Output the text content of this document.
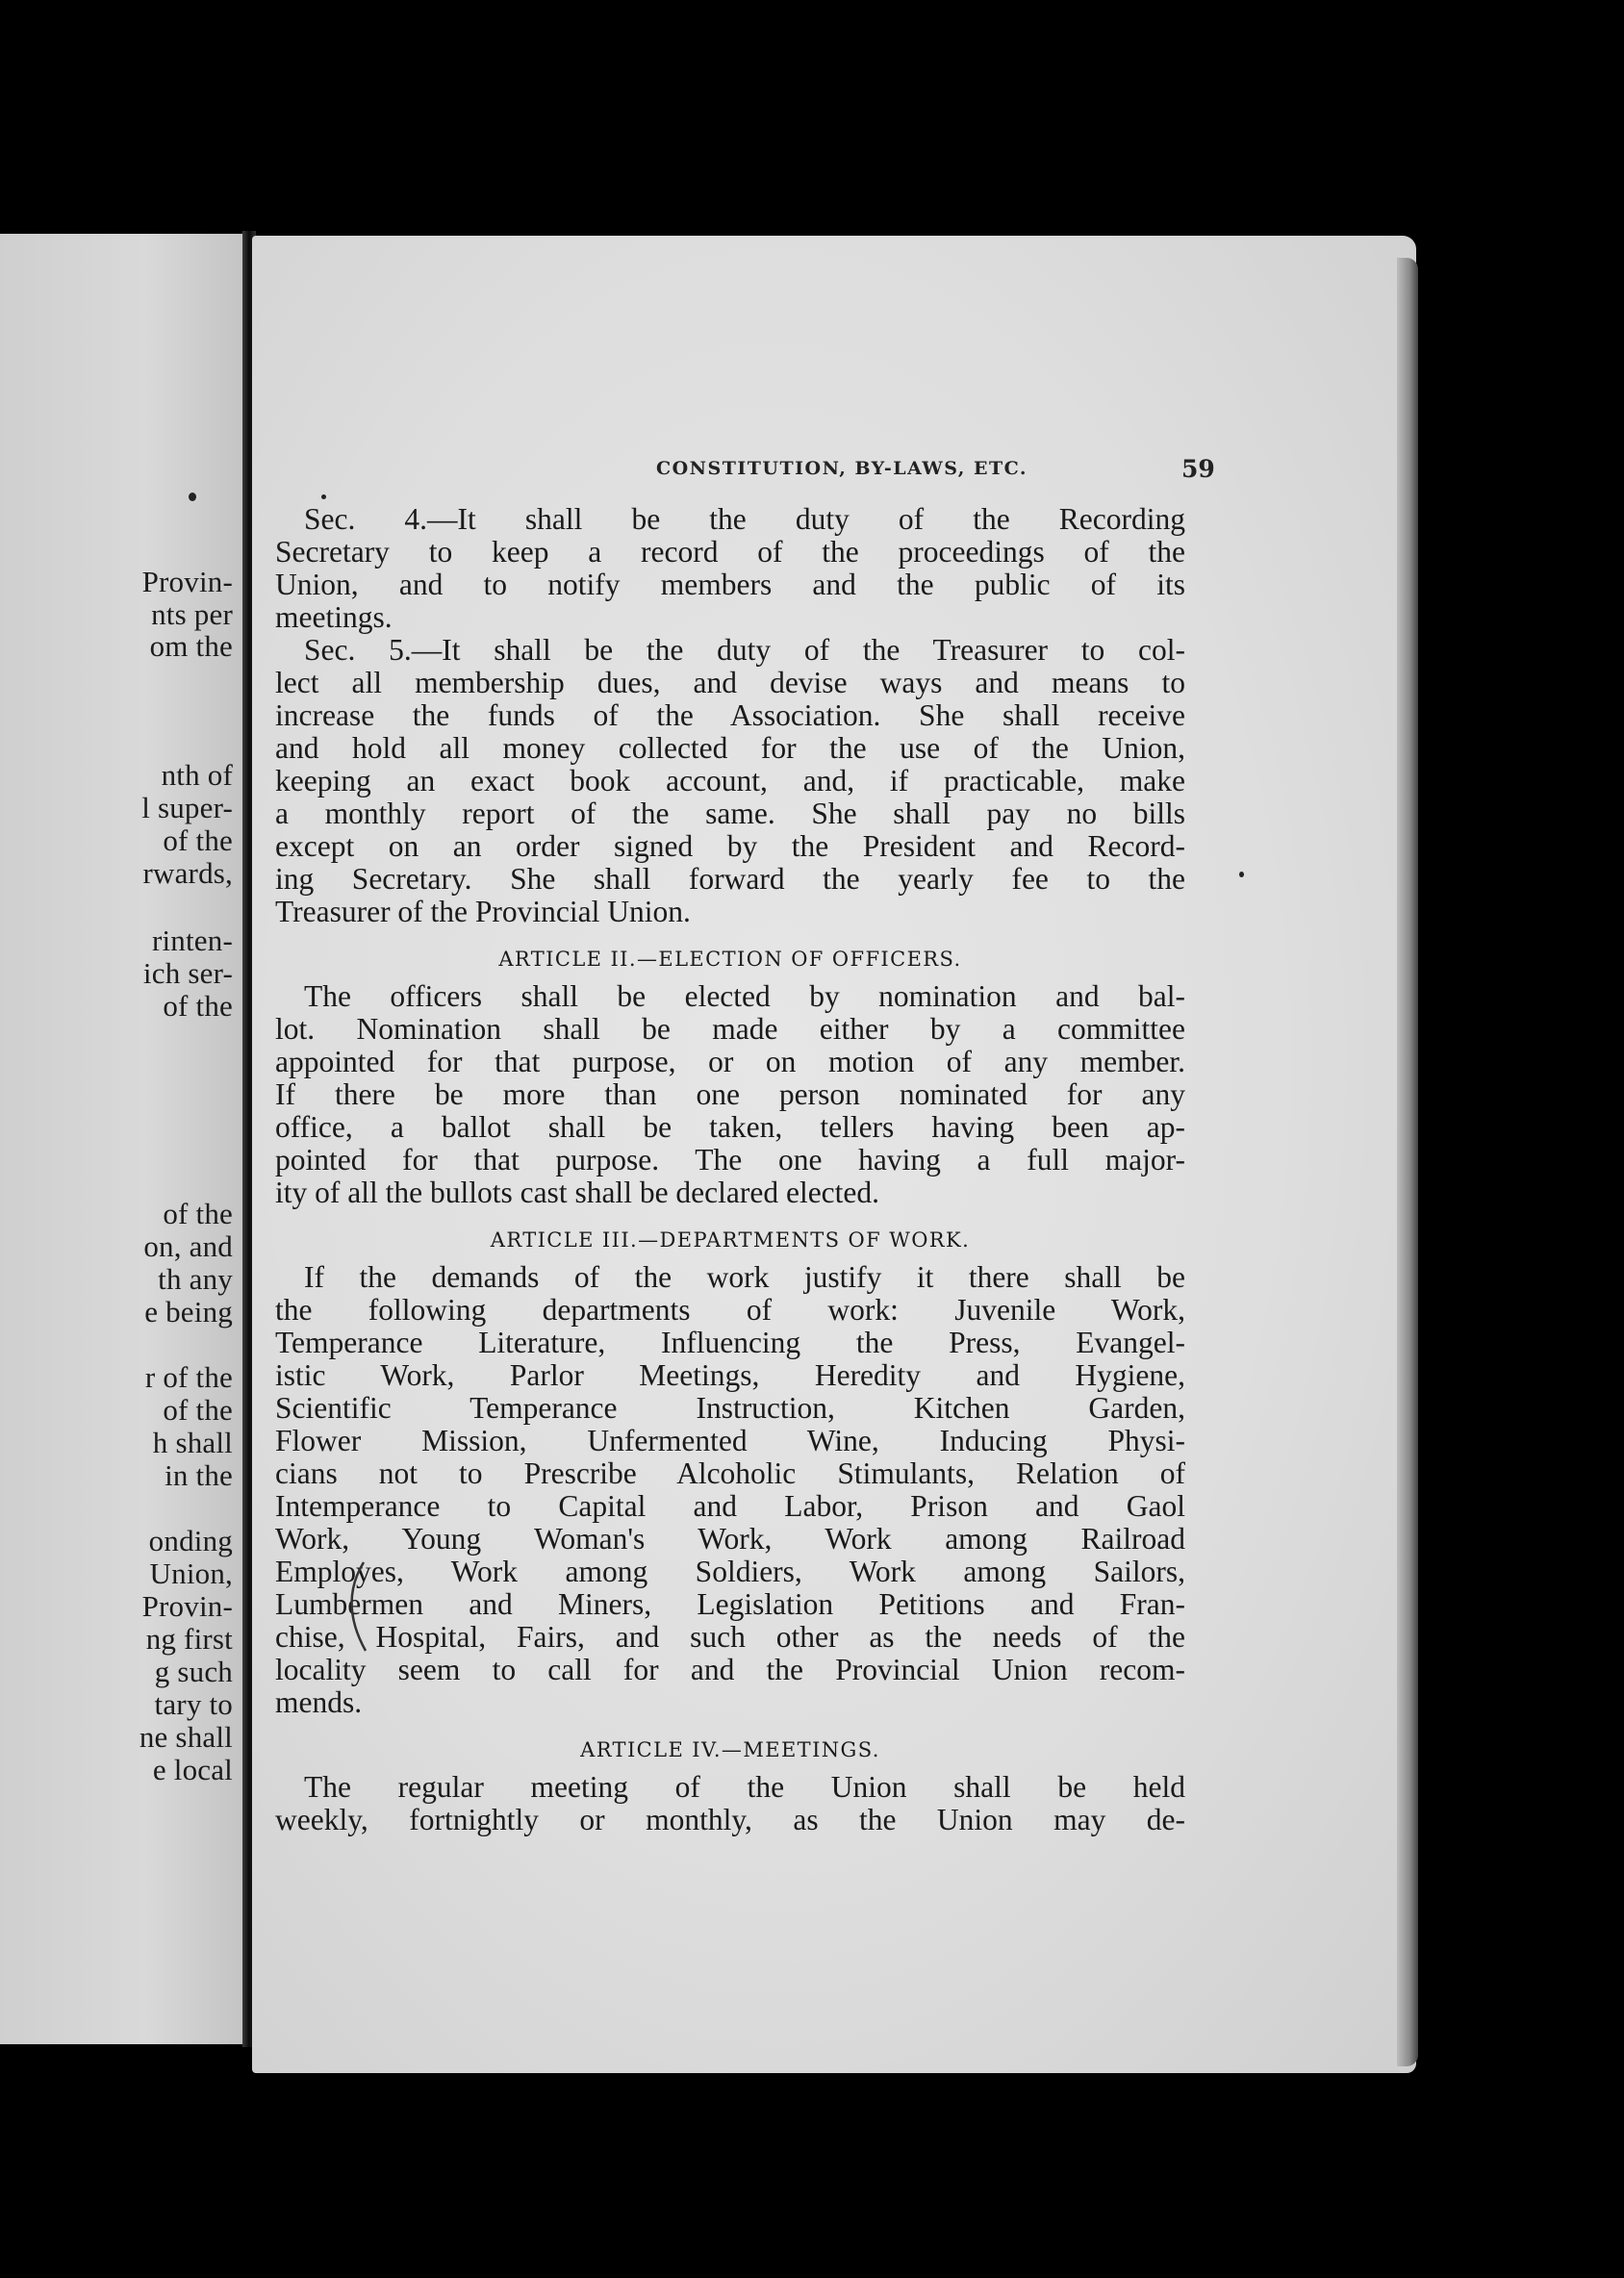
Provin-
nts per
om the
nth of
l super-
of the
rwards,
rinten-
ich ser-
of the
of the
on, and
th any
e being
r of the
of the
h shall
in the
onding
Union,
Provin-
ng first
g such
tary to
ne shall
e local
CONSTITUTION, BY-LAWS, ETC.	59
Sec. 4.—It shall be the duty of the Recording
Secretary to keep a record of the proceedings of the
Union, and to notify members and the public of its
meetings.
Sec. 5.—It shall be the duty of the Treasurer to col-
lect all membership dues, and devise ways and means to
increase the funds of the Association. She shall receive
and hold all money collected for the use of the Union,
keeping an exact book account, and, if practicable, make
a monthly report of the same. She shall pay no bills
except on an order signed by the President and Record-
ing Secretary. She shall forward the yearly fee to the
Treasurer of the Provincial Union.
ARTICLE II.—ELECTION OF OFFICERS.
The officers shall be elected by nomination and bal-
lot. Nomination shall be made either by a committee
appointed for that purpose, or on motion of any member.
If there be more than one person nominated for any
office, a ballot shall be taken, tellers having been ap-
pointed for that purpose. The one having a full major-
ity of all the bullots cast shall be declared elected.
ARTICLE III.—DEPARTMENTS OF WORK.
If the demands of the work justify it there shall be
the following departments of work: Juvenile Work,
Temperance Literature, Influencing the Press, Evangel-
istic Work, Parlor Meetings, Heredity and Hygiene,
Scientific Temperance Instruction, Kitchen Garden,
Flower Mission, Unfermented Wine, Inducing Physi-
cians not to Prescribe Alcoholic Stimulants, Relation of
Intemperance to Capital and Labor, Prison and Gaol
Work, Young Woman's Work, Work among Railroad
Employes, Work among Soldiers, Work among Sailors,
Lumbermen and Miners, Legislation Petitions and Fran-
chise, Hospital, Fairs, and such other as the needs of the
locality seem to call for and the Provincial Union recom-
mends.
ARTICLE IV.—MEETINGS.
The regular meeting of the Union shall be held
weekly, fortnightly or monthly, as the Union may de-
